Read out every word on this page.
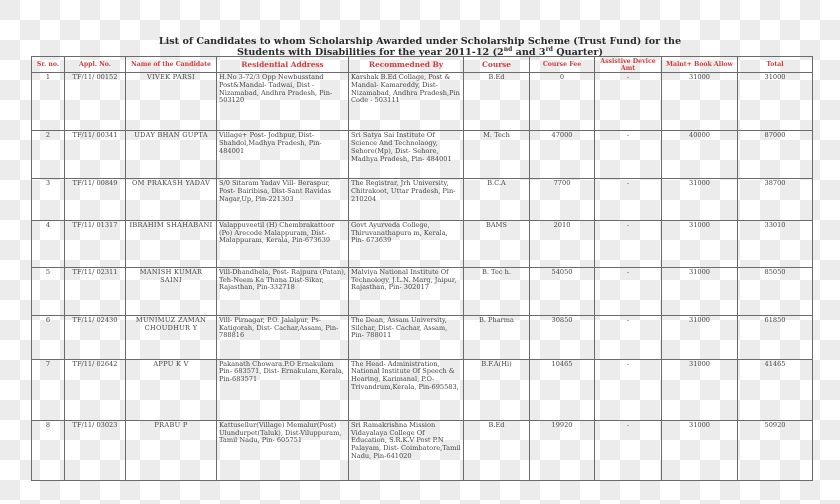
List of Candidates to whom Scholarship Awarded under Scholarship Scheme (Trust Fund) for the
Students with Disabilities for the year 2011-12 (2nd and 3rd Quarter)
Sr. no.	Appl. No.	Name of the Candidate	Residential Address	Recommedned By	Course	Course Fee	Assistive Device Amt	Maint+ Book Allow	Total
1	TF/11/ 00152	VIVEK PARSI	H.No 3-72/3 Opp Newbusstand Post&Mandal- Tadwai, Dist - Nizamabad, Andhra Pradesh, Pin-503120	Karshak B.Ed Collage, Post & Mandal- Kamareddy, Dist- Nizamabad, Andhra Pradesh,Pin Code - 503111	B.Ed	0	-	31000	31000
2	TF/11/ 00341	UDAY BHAN GUPTA	Village+ Post- Jodhpur, Dist- Shahdol,Madhya Pradesh, Pin-484001	Sri Satya Sai Institute Of Science And Technolaogy, Sehore(Mp), Dist- Sehore, Madhya Pradesh, Pin- 484001	M. Tech	47000	-	40000	87000
3	TF/11/ 00849	OM PRAKASH YADAV	S/0 Sitaram Yadav Vill- Beraspur, Post- Bairibisa, Dist-Sant Ravidas Nagar,Up, Pin-221303	The Registrar, Jrh University, Chitrakoot, Uttar Pradesh, Pin- 210204	B.C.A	7700	-	31000	38700
4	TF/11/ 01317	IBRAHIM SHAHABANI	Valappuveetil (H) Chembrakattoor (Po) Arecode Malappuram, Dist- Malappuram, Kerala, Pin-673639	Govt Ayurveda College, Thiruvanathapura m, Kerala, Pin- 673639	BAMS	2010	-	31000	33010
5	TF/11/ 02311	MANISH KUMAR SAINI	Vill-Dhandhela, Post- Rajpura (Patan), Teh-Neem Ka Thana Dist-Sikar, Rajasthan, Pin-332718	Malviya National Institute Of Technology, J.L.N. Marg, Jaipur, Rajasthan, Pin- 302017	B. Tec h.	54050	-	31000	85050
6	TF/11/ 02430	MUNIMUZ ZAMAN CHOUDHUR Y	Vill- Pirnagar, P.O. Jalalpur, Ps- Katigorah, Dist- Cachar,Assam, Pin- 788816	The Dean, Assam University, Silchar, Dist- Cachar, Assam, Pin- 788011	B. Pharma	30850	-	31000	61850
7	TF/11/ 02642	APPU K V	Pakanath Chowara.P.O Ernakulam Pin- 683571, Dist- Ernakulam,Kerala, Pin-683571	The Head- Administration, National Institute Of Speech & Hearing, Karimanal, P.O- Trivandrum,Kerala, Pin-695583,	B.F.A(Hi)	10465	-	31000	41465
8	TF/11/ 03023	PRABU P	Kattusellur(Village) Memalur(Post) Ulundurpet(Taluk), Dist-Viluppuram, Tamil Nadu, Pin- 605751	Sri Ramakrishna Mission Vidayalaya College Of Education, S.R.K.V Post P.N Palayam, Dist- Coimbatore,Tamil Nadu, Pin-641020	B.Ed	19920	-	31000	50920
